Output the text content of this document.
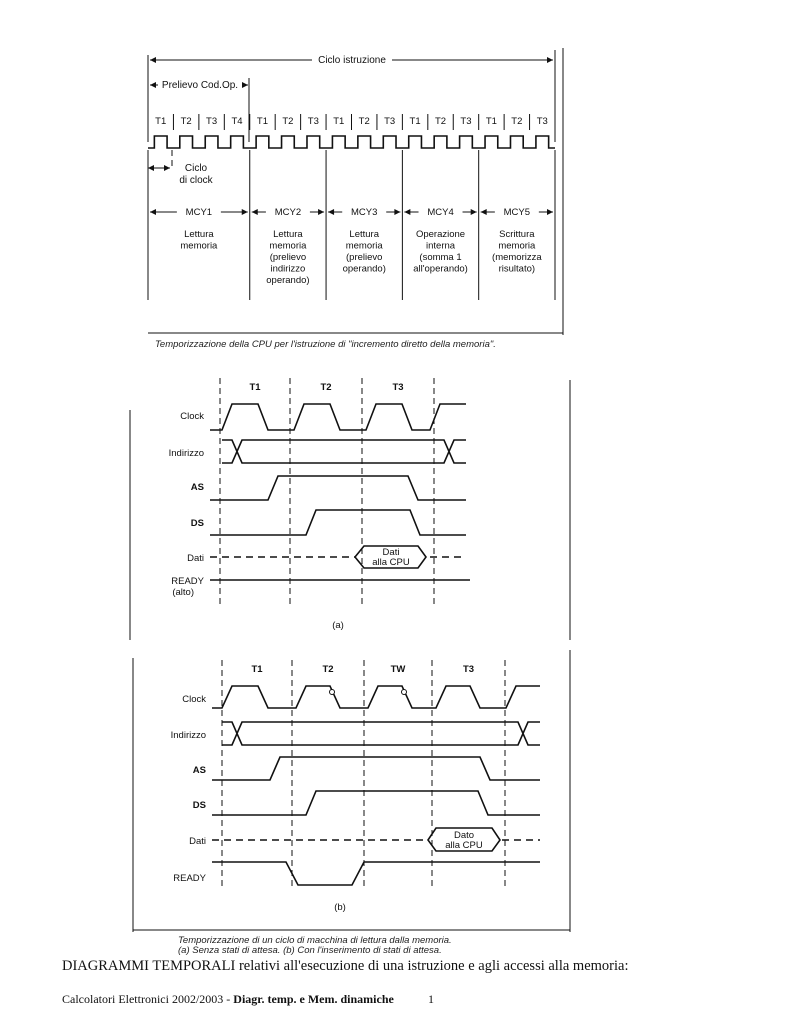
Ciclo istruzione
Prelievo Cod.Op.
T1 T2 T3 T4 T1 T2 T3 T1 T2 T3 T1 T2 T3 T1 T2 T3
Ciclo
di clock
MCY1
Lettura
memoria
MCY2
Lettura
memoria
(prelievo
indirizzo
operando)
MCY3
Lettura
memoria
(prelievo
operando)
MCY4
Operazione
interna
(somma 1
all'operando)
MCY5
Scrittura
memoria
(memorizza
risultato)
Temporizzazione della CPU per l'istruzione di "incremento diretto della memoria".
T1	T2	T3
Clock
Indirizzo
AS
DS
Dati
READY
(alto)
Dati
alla CPU
(a)
Temporizzazione di un ciclo di macchina di lettura dalla memoria.
(a) Senza stati di attesa. (b) Con l'inserimento di stati di attesa.
T1	T2	TW	T3
Clock
Indirizzo
AS
DS
Dati
READY
Dato
alla CPU
(b)
DIAGRAMMI TEMPORALI relativi all'esecuzione di una istruzione e agli accessi alla memoria:
Calcolatori Elettronici 2002/2003 - Diagr. temp. e Mem. dinamiche	1
